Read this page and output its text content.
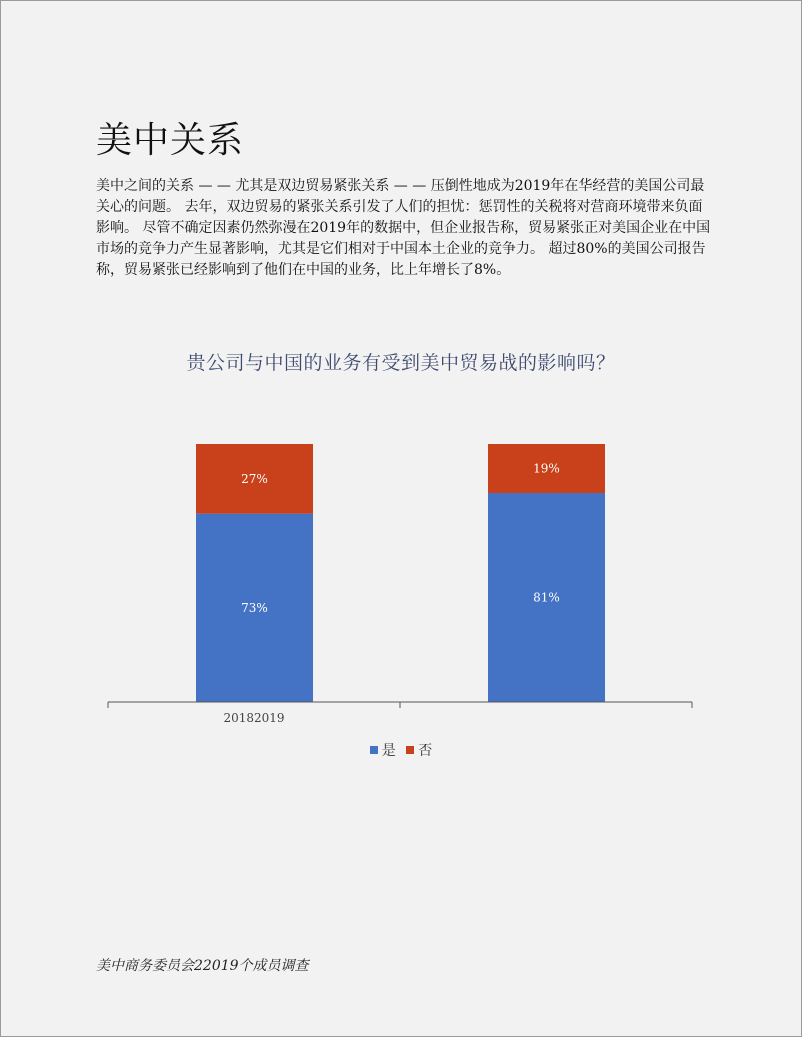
美中关系

美中之间的关系 — — 尤其是双边贸易紧张关系 — — 压倒性地成为2019年在华经营的美国公司最关心的问题。 去年，双边贸易的紧张关系引发了人们的担忧：惩罚性的关税将对营商环境带来负面影响。 尽管不确定因素仍然弥漫在2019年的数据中，但企业报告称，贸易紧张正对美国企业在中国市场的竞争力产生显著影响，尤其是它们相对于中国本土企业的竞争力。 超过80%的美国公司报告称，贸易紧张已经影响到了他们在中国的业务，比上年增长了8%。

贵公司与中国的业务有受到美中贸易战的影响吗？
73%
27%
81%
19%
20182019
是 否

美中商务委员会22019个成员调查
